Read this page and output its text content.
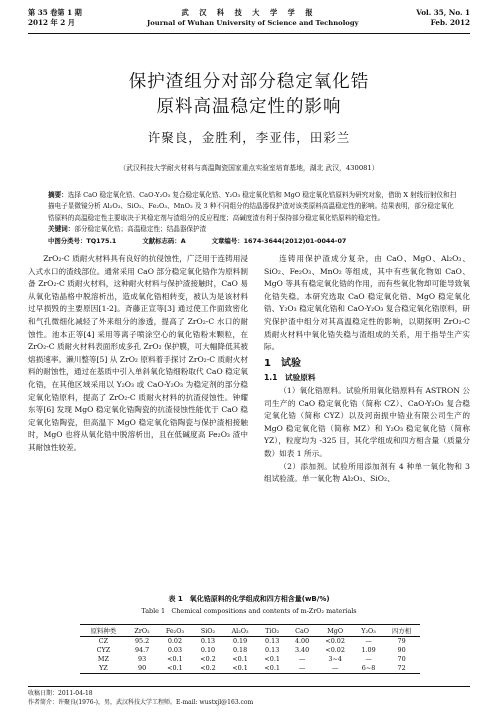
第 35 卷第 1 期	武 汉 科 技 大 学 学 报	Vol. 35, No. 1
2012 年 2 月	Journal of Wuhan University of Science and Technology	Feb. 2012
保护渣组分对部分稳定氧化锆
原料高温稳定性的影响
许聚良，金胜利，李亚伟，田彩兰
（武汉科技大学耐火材料与高温陶瓷国家重点实验室培育基地，湖北 武汉，430081）
摘要：选择 CaO 稳定氧化锆、CaO-Y₂O₃ 复合稳定氧化锆、Y₂O₃ 稳定氧化锆和 MgO 稳定氧化锆原料为研究对象，借助 X 射线衍射仪和扫描电子显微镜分析 Al₂O₃、SiO₂、Fe₂O₃、MnO₂ 及 3 种不同组分的结晶器保护渣对该类原料高温稳定性的影响。结果表明，部分稳定氧化锆原料的高温稳定性主要取决于其稳定剂与渣组分的反应程度；高碱度渣有利于保持部分稳定氧化锆原料的稳定性。
关键词：部分稳定氧化锆；高温稳定性；结晶器保护渣
中图分类号：TQ175.1	文献标志码：A	文章编号：1674-3644(2012)01-0044-07

ZrO₂-C 质耐火材料具有良好的抗侵蚀性，广泛用于连铸用浸入式水口的渣线部位。通常采用 CaO 部分稳定氧化锆作为原料制备 ZrO₂-C 质耐火材料，这种耐火材料与保护渣接触时，CaO 易从氧化锆晶格中脱溶析出，造成氧化锆相转变，被认为是该材料过早损毁的主要原因[1-2]。斉藤正宣等[3] 通过使工作面致密化和气孔微细化减轻了外来组分的渗透，提高了 ZrO₂-C 水口的耐蚀性。池本正等[4] 采用等离子喷涂空心的氧化锆粉末颗粒，在 ZrO₂-C 质耐火材料表面形成多孔 ZrO₂ 保护膜，可大幅降低其被熔损速率。濑川整等[5] 从 ZrO₂ 原料着手探讨 ZrO₂-C 质耐火材料的耐蚀性，通过在基质中引入单斜氧化锆细粉取代 CaO 稳定氧化锆，在其他区域采用以 Y₂O₃ 或 CaO-Y₂O₃ 为稳定剂的部分稳定氧化锆原料，提高了 ZrO₂-C 质耐火材料的抗渣侵蚀性。钟耀东等[6] 发现 MgO 稳定氧化锆陶瓷的抗渣侵蚀性能优于 CaO 稳定氧化锆陶瓷，但高温下 MgO 稳定氧化锆陶瓷与保护渣相接触时，MgO 也将从氧化锆中脱溶析出，且在低碱度高 Fe₂O₃ 渣中其耐蚀性较差。

连铸用保护渣成分复杂，由 CaO、MgO、Al₂O₃、SiO₂、Fe₂O₃、MnO₂ 等组成，其中有些氧化物如 CaO、MgO 等具有稳定氧化锆的作用，而有些氧化物却可能导致氧化锆失稳。本研究选取 CaO 稳定氧化锆、MgO 稳定氧化锆、Y₂O₃ 稳定氧化锆和 CaO-Y₂O₃ 复合稳定氧化锆原料，研究保护渣中组分对其高温稳定性的影响，以期探明 ZrO₂-C 质耐火材料中氧化锆失稳与渣组成的关系，用于指导生产实际。

1　试验
1.1　试验原料

（1）氧化锆原料。试验所用氧化锆原料有 ASTRON 公司生产的 CaO 稳定氧化锆（简称 CZ）、CaO-Y₂O₃ 复合稳定氧化锆（简称 CYZ）以及河南振中锆业有限公司生产的 MgO 稳定氧化锆（简称 MZ）和 Y₂O₃ 稳定氧化锆（简称 YZ），粒度均为 -325 目，其化学组成和四方相含量（质量分数）如表 1 所示。

（2）添加剂。试验所用添加剂有 4 种单一氧化物和 3 组试验渣。单一氧化物 Al₂O₃、SiO₂、

表 1　氧化锆原料的化学组成和四方相含量(wB/%)
Table 1　Chemical compositions and contents of m-ZrO₂ materials
原料种类	ZrO₂	Fe₂O₃	SiO₂	Al₂O₃	TiO₂	CaO	MgO	Y₂O₃	四方相
CZ	95.2	0.02	0.13	0.19	0.13	4.00	<0.02	—	79
CYZ	94.7	0.03	0.10	0.18	0.13	3.40	<0.02	1.09	90
MZ	93	<0.1	<0.2	<0.1	<0.1	—	3~4	—	70
YZ	90	<0.1	<0.2	<0.1	<0.1	—	—	6~8	72
收稿日期：2011-04-18
作者简介：许聚良(1976-)，男，武汉科技大学工程师。E-mail: wustxjl@163.com
